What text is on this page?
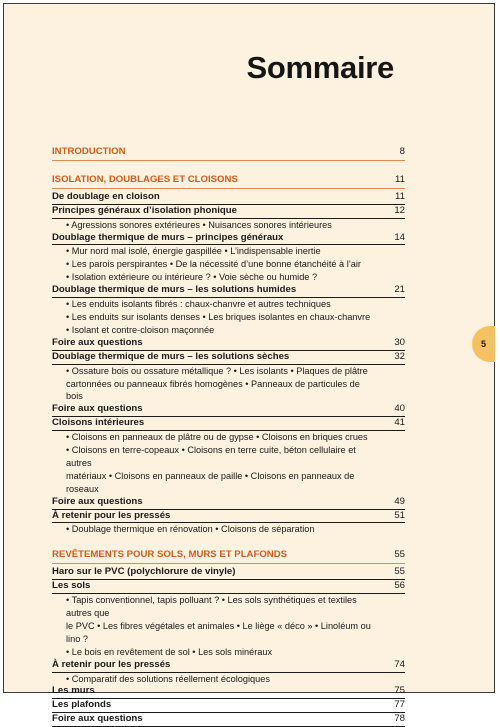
Sommaire
INTRODUCTION	8
ISOLATION, DOUBLAGES ET CLOISONS	11
De doublage en cloison	11
Principes généraux d’isolation phonique	12
• Agressions sonores extérieures • Nuisances sonores intérieures
Doublage thermique de murs – principes généraux	14
• Mur nord mal isolé, énergie gaspillée • L’indispensable inertie
• Les parois perspirantes • De la nécessité d’une bonne étanchéité à l’air
• Isolation extérieure ou intérieure ? • Voie sèche ou humide ?
Doublage thermique de murs – les solutions humides	21
• Les enduits isolants fibrés : chaux-chanvre et autres techniques
• Les enduits sur isolants denses • Les briques isolantes en chaux-chanvre
• Isolant et contre-cloison maçonnée
Foire aux questions	30
Doublage thermique de murs – les solutions sèches	32
• Ossature bois ou ossature métallique ? • Les isolants • Plaques de plâtre
cartonnées ou panneaux fibrés homogènes • Panneaux de particules de bois
Foire aux questions	40
Cloisons intérieures	41
• Cloisons en panneaux de plâtre ou de gypse • Cloisons en briques crues
• Cloisons en terre-copeaux • Cloisons en terre cuite, béton cellulaire et autres
matériaux • Cloisons en panneaux de paille • Cloisons en panneaux de roseaux
Foire aux questions	49
À retenir pour les pressés	51
• Doublage thermique en rénovation • Cloisons de séparation
REVÊTEMENTS POUR SOLS, MURS ET PLAFONDS	55
Haro sur le PVC (polychlorure de vinyle)	55
Les sols	56
• Tapis conventionnel, tapis polluant ? • Les sols synthétiques et textiles autres que
le PVC • Les fibres végétales et animales • Le liège « déco » • Linoléum ou lino ?
• Le bois en revêtement de sol • Les sols minéraux
À retenir pour les pressés	74
• Comparatif des solutions réellement écologiques
Les murs	75
Les plafonds	77
Foire aux questions	78
5
